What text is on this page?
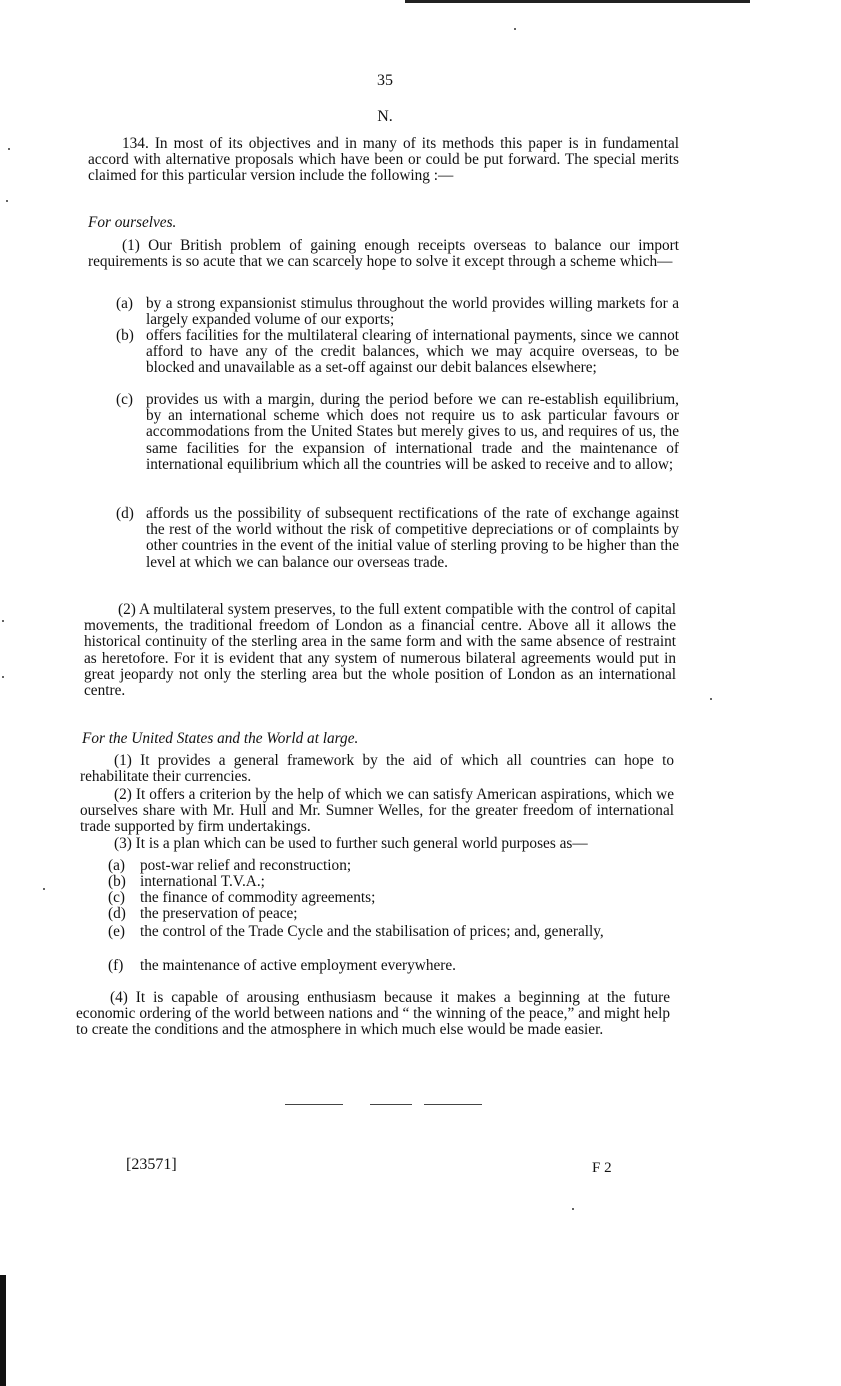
35
N.

134. In most of its objectives and in many of its methods this paper is in fundamental accord with alternative proposals which have been or could be put forward. The special merits claimed for this particular version include the following :—

For ourselves.

(1) Our British problem of gaining enough receipts overseas to balance our import requirements is so acute that we can scarcely hope to solve it except through a scheme which—

(a) by a strong expansionist stimulus throughout the world provides willing markets for a largely expanded volume of our exports;
(b) offers facilities for the multilateral clearing of international payments, since we cannot afford to have any of the credit balances, which we may acquire overseas, to be blocked and unavailable as a set-off against our debit balances elsewhere;
(c) provides us with a margin, during the period before we can re-establish equilibrium, by an international scheme which does not require us to ask particular favours or accommodations from the United States but merely gives to us, and requires of us, the same facilities for the expansion of international trade and the maintenance of international equilibrium which all the countries will be asked to receive and to allow;
(d) affords us the possibility of subsequent rectifications of the rate of exchange against the rest of the world without the risk of competitive depreciations or of complaints by other countries in the event of the initial value of sterling proving to be higher than the level at which we can balance our overseas trade.

(2) A multilateral system preserves, to the full extent compatible with the control of capital movements, the traditional freedom of London as a financial centre. Above all it allows the historical continuity of the sterling area in the same form and with the same absence of restraint as heretofore. For it is evident that any system of numerous bilateral agreements would put in great jeopardy not only the sterling area but the whole position of London as an international centre.

For the United States and the World at large.

(1) It provides a general framework by the aid of which all countries can hope to rehabilitate their currencies.

(2) It offers a criterion by the help of which we can satisfy American aspirations, which we ourselves share with Mr. Hull and Mr. Sumner Welles, for the greater freedom of international trade supported by firm undertakings.

(3) It is a plan which can be used to further such general world purposes as—

(a) post-war relief and reconstruction;
(b) international T.V.A.;
(c) the finance of commodity agreements;
(d) the preservation of peace;
(e) the control of the Trade Cycle and the stabilisation of prices; and, generally,
(f)	the maintenance of active employment everywhere.

(4) It is capable of arousing enthusiasm because it makes a beginning at the future economic ordering of the world between nations and “ the winning of the peace,” and might help to create the conditions and the atmosphere in which much else would be made easier.

[23571]	F 2
